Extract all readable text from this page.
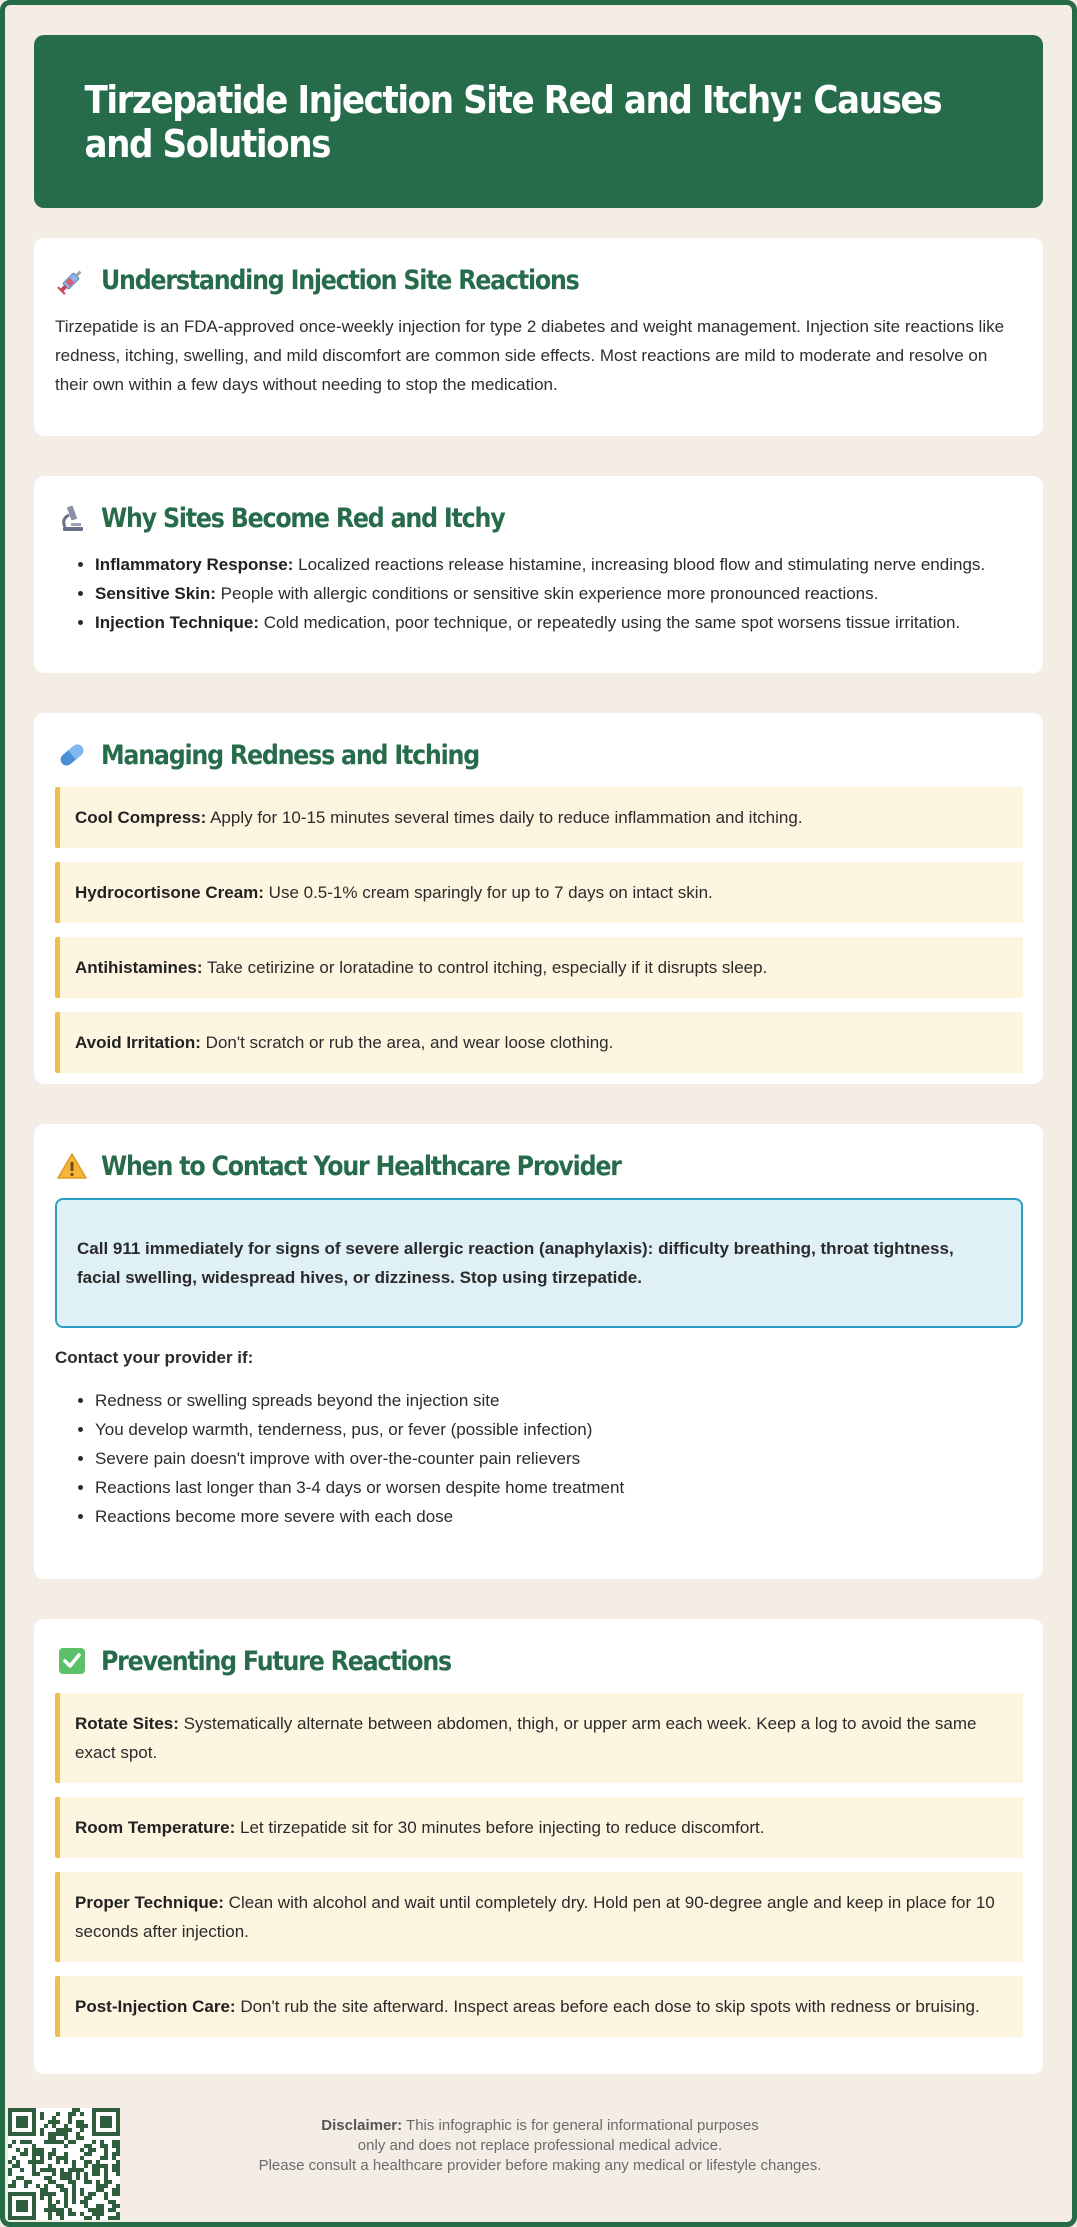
Tirzepatide Injection Site Red and Itchy: Causes and Solutions
Understanding Injection Site Reactions

Tirzepatide is an FDA-approved once-weekly injection for type 2 diabetes and weight management. Injection site reactions like redness, itching, swelling, and mild discomfort are common side effects. Most reactions are mild to moderate and resolve on their own within a few days without needing to stop the medication.

Why Sites Become Red and Itchy
• Inflammatory Response: Localized reactions release histamine, increasing blood flow and stimulating nerve endings.
• Sensitive Skin: People with allergic conditions or sensitive skin experience more pronounced reactions.
• Injection Technique: Cold medication, poor technique, or repeatedly using the same spot worsens tissue irritation.
Managing Redness and Itching
Cool Compress: Apply for 10-15 minutes several times daily to reduce inflammation and itching.
Hydrocortisone Cream: Use 0.5-1% cream sparingly for up to 7 days on intact skin.
Antihistamines: Take cetirizine or loratadine to control itching, especially if it disrupts sleep.
Avoid Irritation: Don't scratch or rub the area, and wear loose clothing.
When to Contact Your Healthcare Provider
Call 911 immediately for signs of severe allergic reaction (anaphylaxis): difficulty breathing, throat tightness, facial swelling, widespread hives, or dizziness. Stop using tirzepatide.
Contact your provider if:
• Redness or swelling spreads beyond the injection site
• You develop warmth, tenderness, pus, or fever (possible infection)
• Severe pain doesn't improve with over-the-counter pain relievers
• Reactions last longer than 3-4 days or worsen despite home treatment
• Reactions become more severe with each dose
Preventing Future Reactions
Rotate Sites: Systematically alternate between abdomen, thigh, or upper arm each week. Keep a log to avoid the same exact spot.
Room Temperature: Let tirzepatide sit for 30 minutes before injecting to reduce discomfort.
Proper Technique: Clean with alcohol and wait until completely dry. Hold pen at 90-degree angle and keep in place for 10 seconds after injection.
Post-Injection Care: Don't rub the site afterward. Inspect areas before each dose to skip spots with redness or bruising.
Disclaimer: This infographic is for general informational purposes
only and does not replace professional medical advice.
Please consult a healthcare provider before making any medical or lifestyle changes.
